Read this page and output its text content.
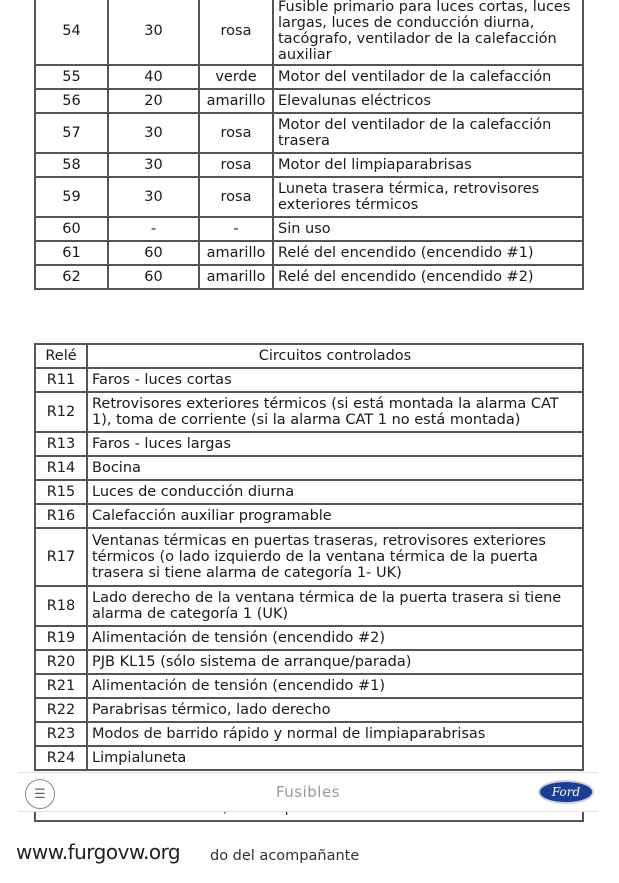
54	30	rosa	Fusible primario para luces cortas, luces largas, luces de conducción diurna, tacógrafo, ventilador de la calefacción auxiliar
55	40	verde	Motor del ventilador de la calefacción
56	20	amarillo	Elevalunas eléctricos
57	30	rosa	Motor del ventilador de la calefacción trasera
58	30	rosa	Motor del limpiaparabrisas
59	30	rosa	Luneta trasera térmica, retrovisores exteriores térmicos
60	-	-	Sin uso
61	60	amarillo	Relé del encendido (encendido #1)
62	60	amarillo	Relé del encendido (encendido #2)
Relé	Circuitos controlados
R11	Faros - luces cortas
R12	Retrovisores exteriores térmicos (si está montada la alarma CAT 1), toma de corriente (si la alarma CAT 1 no está montada)
R13	Faros - luces largas
R14	Bocina
R15	Luces de conducción diurna
R16	Calefacción auxiliar programable
R17	Ventanas térmicas en puertas traseras, retrovisores exteriores térmicos (o lado izquierdo de la ventana térmica de la puerta trasera si tiene alarma de categoría 1- UK)
R18	Lado derecho de la ventana térmica de la puerta trasera si tiene alarma de categoría 1 (UK)
R19	Alimentación de tensión (encendido #2)
R20	PJB KL15 (sólo sistema de arranque/parada)
R21	Alimentación de tensión (encendido #1)
R22	Parabrisas térmico, lado derecho
R23	Modos de barrido rápido y normal de limpiaparabrisas
R24	Limpialuneta
do del acompañante
☰	Fusibles	Ford
www.furgovw.org
